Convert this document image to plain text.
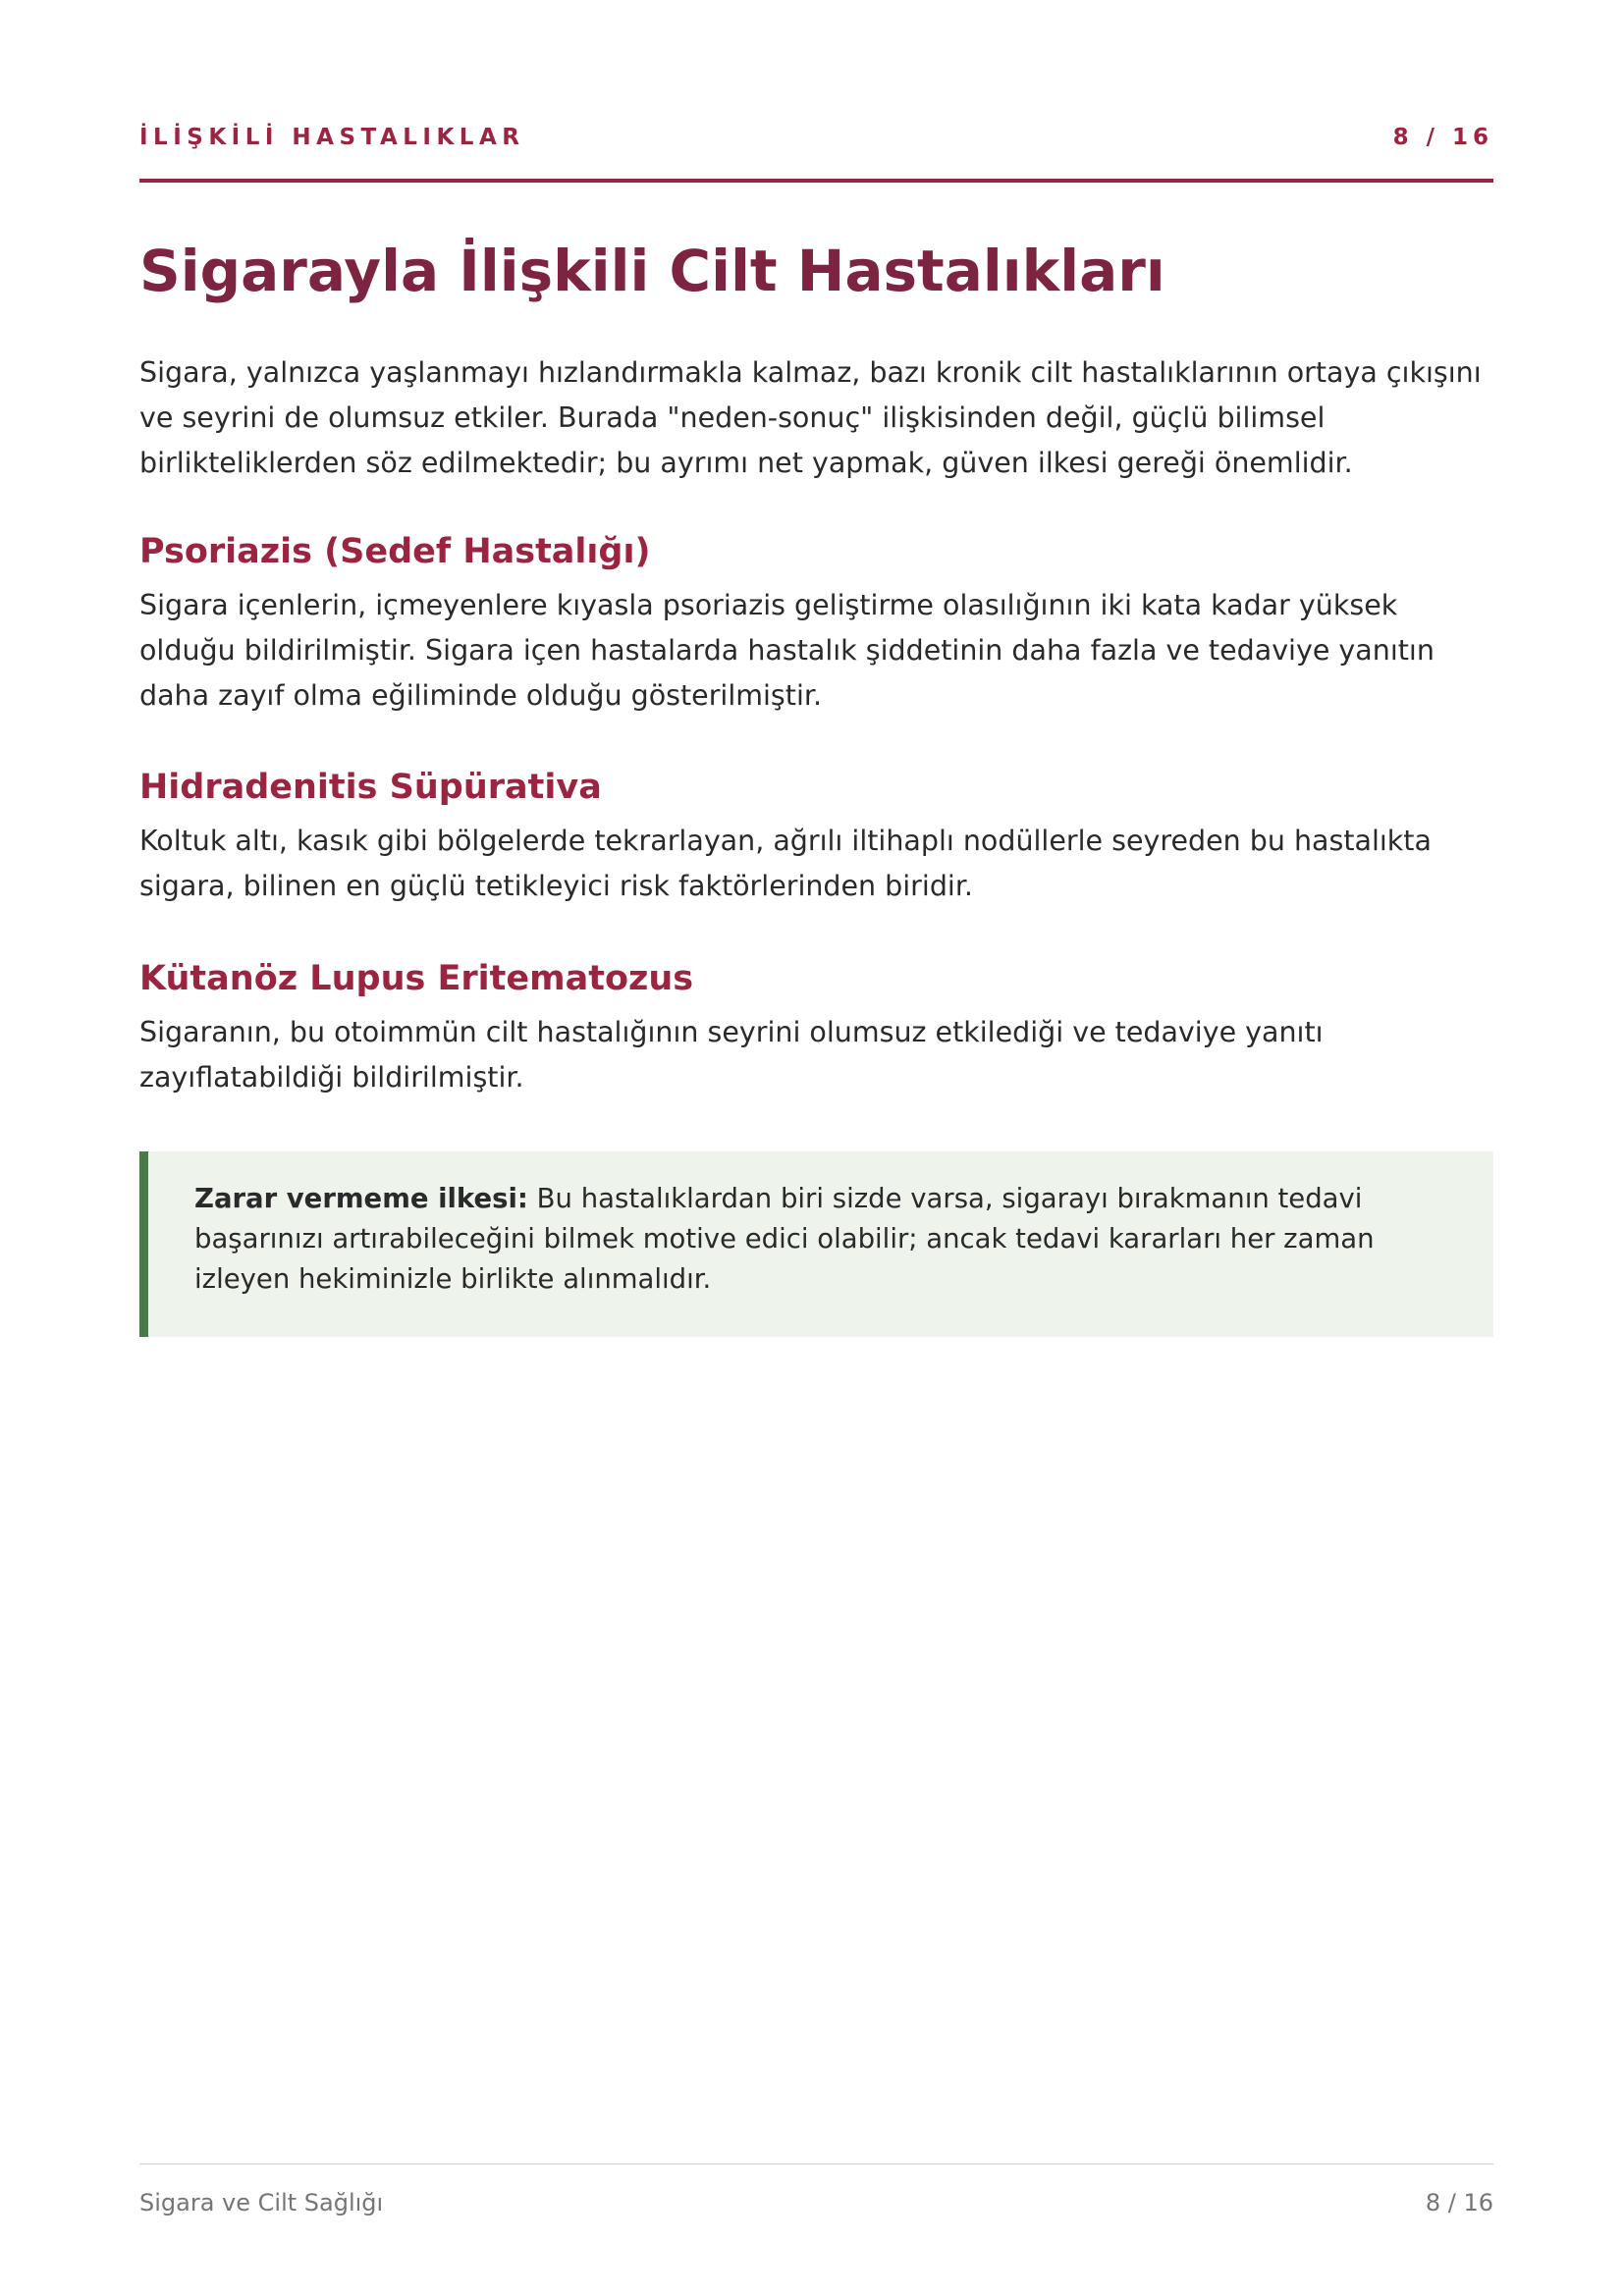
İLİŞKİLİ HASTALIKLAR	8 / 16
Sigarayla İlişkili Cilt Hastalıkları

Sigara, yalnızca yaşlanmayı hızlandırmakla kalmaz, bazı kronik cilt hastalıklarının ortaya çıkışını ve seyrini de olumsuz etkiler. Burada "neden-sonuç" ilişkisinden değil, güçlü bilimsel birlikteliklerden söz edilmektedir; bu ayrımı net yapmak, güven ilkesi gereği önemlidir.

Psoriazis (Sedef Hastalığı)

Sigara içenlerin, içmeyenlere kıyasla psoriazis geliştirme olasılığının iki kata kadar yüksek olduğu bildirilmiştir. Sigara içen hastalarda hastalık şiddetinin daha fazla ve tedaviye yanıtın daha zayıf olma eğiliminde olduğu gösterilmiştir.

Hidradenitis Süpürativa

Koltuk altı, kasık gibi bölgelerde tekrarlayan, ağrılı iltihaplı nodüllerle seyreden bu hastalıkta sigara, bilinen en güçlü tetikleyici risk faktörlerinden biridir.

Kütanöz Lupus Eritematozus

Sigaranın, bu otoimmün cilt hastalığının seyrini olumsuz etkilediği ve tedaviye yanıtı zayıflatabildiği bildirilmiştir.

Zarar vermeme ilkesi: Bu hastalıklardan biri sizde varsa, sigarayı bırakmanın tedavi başarınızı artırabileceğini bilmek motive edici olabilir; ancak tedavi kararları her zaman izleyen hekiminizle birlikte alınmalıdır.
Sigara ve Cilt Sağlığı	8 / 16
